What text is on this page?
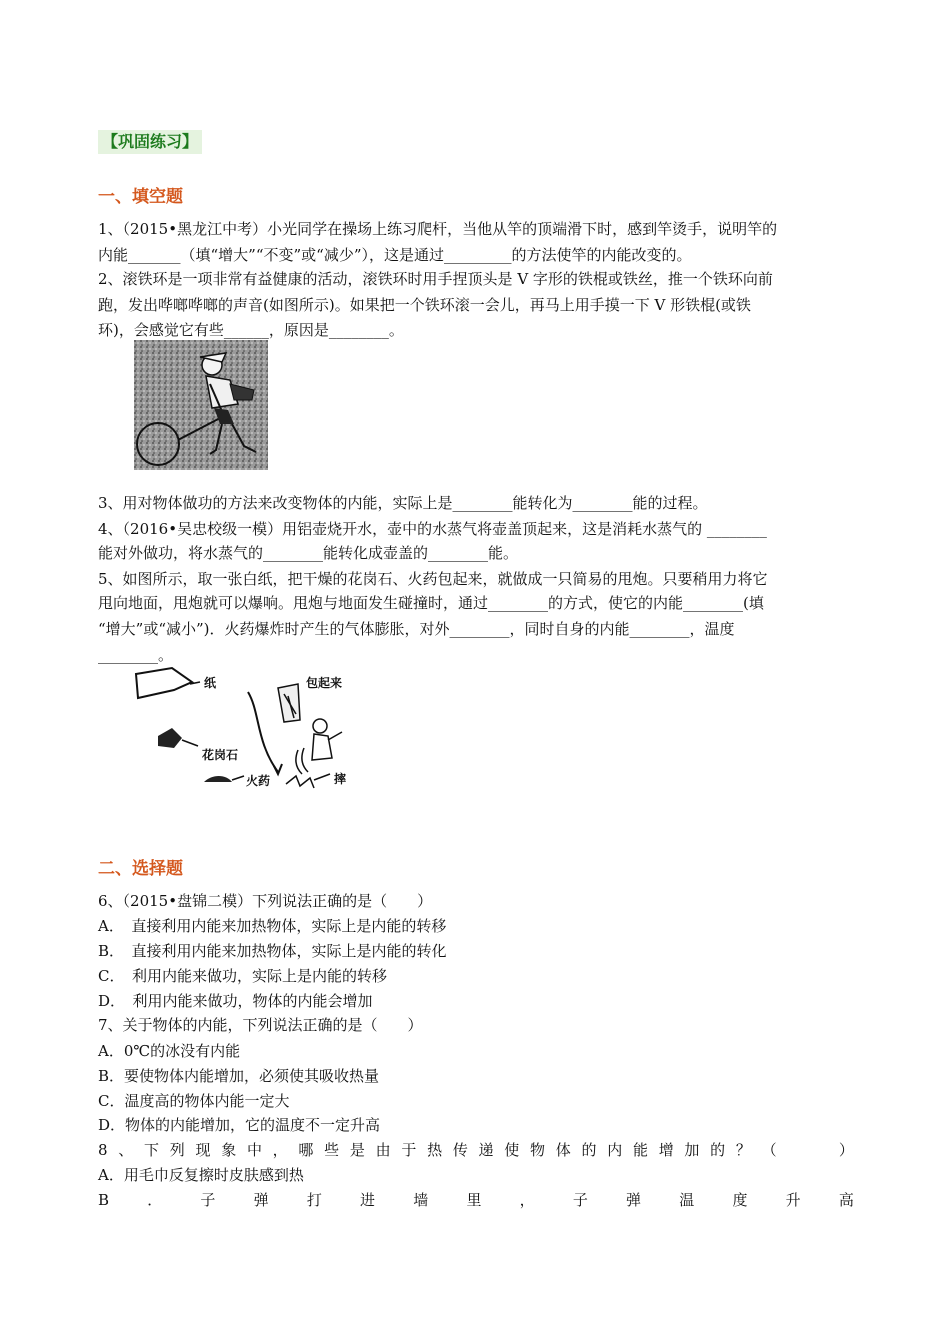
【巩固练习】
一、填空题
1、（2015•黑龙江中考）小光同学在操场上练习爬杆，当他从竿的顶端滑下时，感到竿烫手，说明竿的
内能_______（填“增大”“不变”或“减少”），这是通过_________的方法使竿的内能改变的。
2、滚铁环是一项非常有益健康的活动，滚铁环时用手捏顶头是 V 字形的铁棍或铁丝，推一个铁环向前
跑，发出哗啷哗啷的声音(如图所示)。如果把一个铁环滚一会儿，再马上用手摸一下 V 形铁棍(或铁
环)，会感觉它有些______，原因是________。
3、用对物体做功的方法来改变物体的内能，实际上是________能转化为________能的过程。
4、（2016•吴忠校级一模）用铝壶烧开水，壶中的水蒸气将壶盖顶起来，这是消耗水蒸气的 ________
能对外做功，将水蒸气的________能转化成壶盖的________能。
5、如图所示，取一张白纸，把干燥的花岗石、火药包起来，就做成一只简易的甩炮。只要稍用力将它
甩向地面，甩炮就可以爆响。甩炮与地面发生碰撞时，通过________的方式，使它的内能________(填
“增大”或“减小”)．火药爆炸时产生的气体膨胀，对外________，同时自身的内能________，温度
________。
纸	包起来
花岗石
火药	摔
二、选择题
6、（2015•盘锦二模）下列说法正确的是（　　）
A．　直接利用内能来加热物体，实际上是内能的转移
B．　直接利用内能来加热物体，实际上是内能的转化
C．　利用内能来做功，实际上是内能的转移
D．　利用内能来做功，物体的内能会增加
7、关于物体的内能，下列说法正确的是（　　）
A．0℃的冰没有内能
B．要使物体内能增加，必须使其吸收热量
C．温度高的物体内能一定大
D．物体的内能增加，它的温度不一定升高
8 、 下 列 现 象 中 ， 哪 些 是 由 于 热 传 递 使 物 体 的 内 能 增 加 的 ？ （

　	）
A．用毛巾反复擦时皮肤感到热
B	．	子	弹	打	进	墙	里	，	子	弹	温	度	升	高
